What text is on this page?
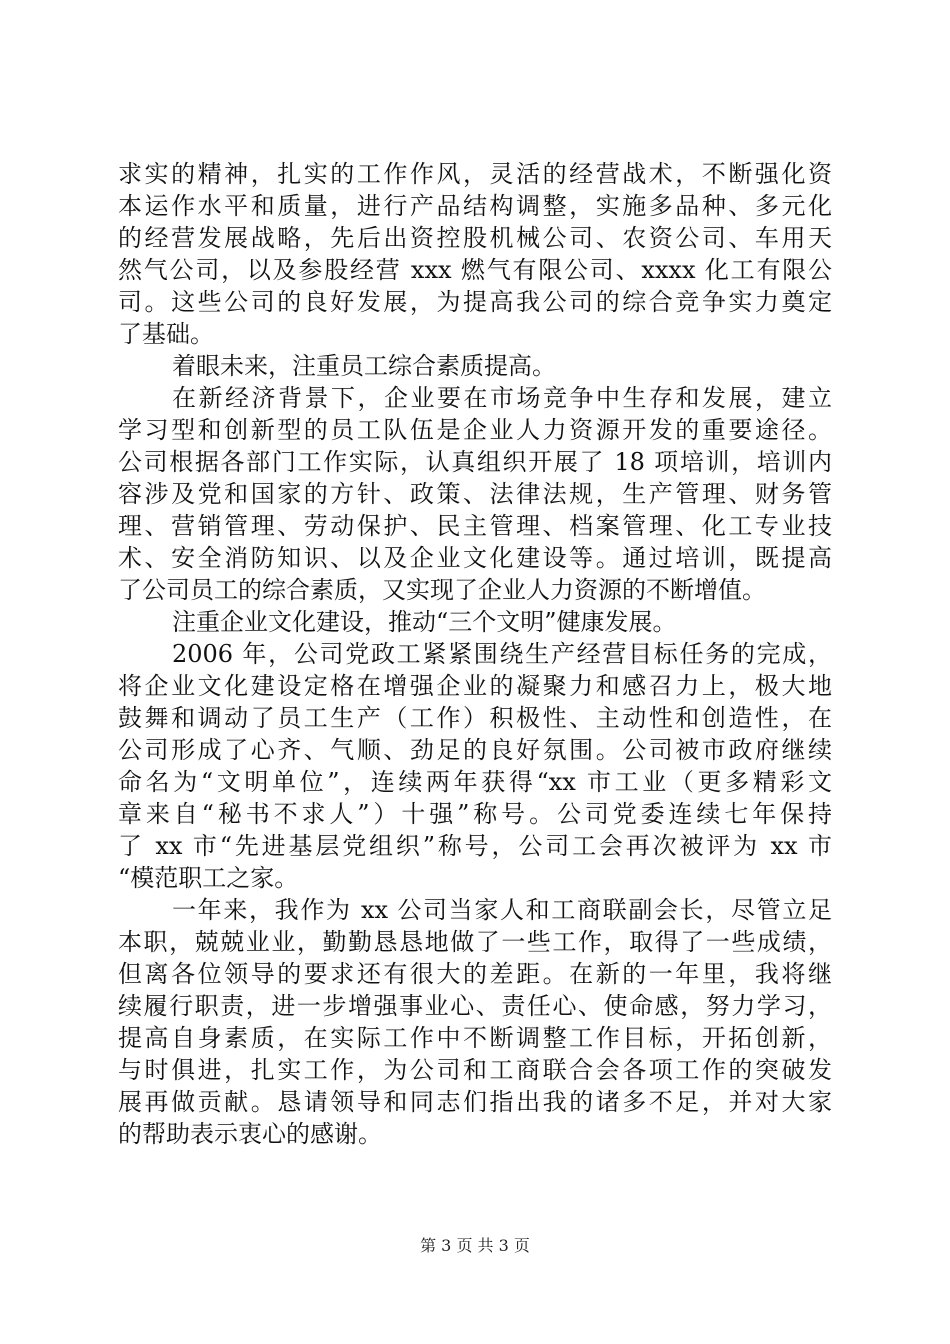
求实的精神，扎实的工作作风，灵活的经营战术，不断强化资
本运作水平和质量，进行产品结构调整，实施多品种、多元化
的经营发展战略，先后出资控股机械公司、农资公司、车用天
然气公司，以及参股经营 xxx 燃气有限公司、xxxx 化工有限公
司。这些公司的良好发展，为提高我公司的综合竞争实力奠定
了基础。
着眼未来，注重员工综合素质提高。
在新经济背景下，企业要在市场竞争中生存和发展，建立
学习型和创新型的员工队伍是企业人力资源开发的重要途径。
公司根据各部门工作实际，认真组织开展了 18 项培训，培训内
容涉及党和国家的方针、政策、法律法规，生产管理、财务管
理、营销管理、劳动保护、民主管理、档案管理、化工专业技
术、安全消防知识、以及企业文化建设等。通过培训，既提高
了公司员工的综合素质，又实现了企业人力资源的不断增值。
注重企业文化建设，推动“三个文明”健康发展。
2006 年，公司党政工紧紧围绕生产经营目标任务的完成，
将企业文化建设定格在增强企业的凝聚力和感召力上，极大地
鼓舞和调动了员工生产（工作）积极性、主动性和创造性，在
公司形成了心齐、气顺、劲足的良好氛围。公司被市政府继续
命名为“文明单位”，连续两年获得“xx 市工业（更多精彩文
章来自“秘书不求人”）十强”称号。公司党委连续七年保持
了 xx 市“先进基层党组织”称号，公司工会再次被评为 xx 市
“模范职工之家。
一年来，我作为 xx 公司当家人和工商联副会长，尽管立足
本职，兢兢业业，勤勤恳恳地做了一些工作，取得了一些成绩，
但离各位领导的要求还有很大的差距。在新的一年里，我将继
续履行职责，进一步增强事业心、责任心、使命感，努力学习，
提高自身素质，在实际工作中不断调整工作目标，开拓创新，
与时俱进，扎实工作，为公司和工商联合会各项工作的突破发
展再做贡献。恳请领导和同志们指出我的诸多不足，并对大家
的帮助表示衷心的感谢。
第 3 页 共 3 页
